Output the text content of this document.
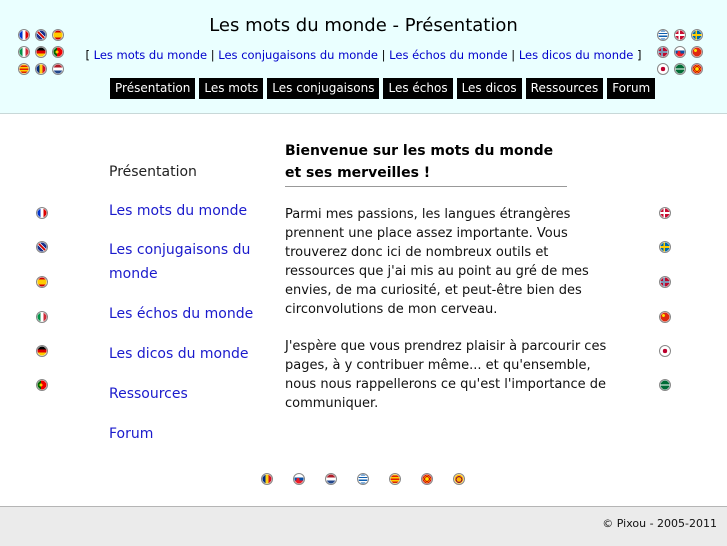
Les mots du monde - Présentation
[ Les mots du monde | Les conjugaisons du monde | Les échos du monde | Les dicos du monde ]
Présentation	Les mots	Les conjugaisons	Les échos	Les dicos	Ressources	Forum
Présentation
Les mots du monde
Les conjugaisons du monde
Les échos du monde
Les dicos du monde
Ressources
Forum
Bienvenue sur les mots du monde et ses merveilles !

Parmi mes passions, les langues étrangères prennent une place assez importante. Vous trouverez donc ici de nombreux outils et ressources que j'ai mis au point au gré de mes envies, de ma curiosité, et peut-être bien des circonvolutions de mon cerveau.

J'espère que vous prendrez plaisir à parcourir ces pages, à y contribuer même... et qu'ensemble, nous nous rappellerons ce qu'est l'importance de communiquer.

© Pixou - 2005-2011
